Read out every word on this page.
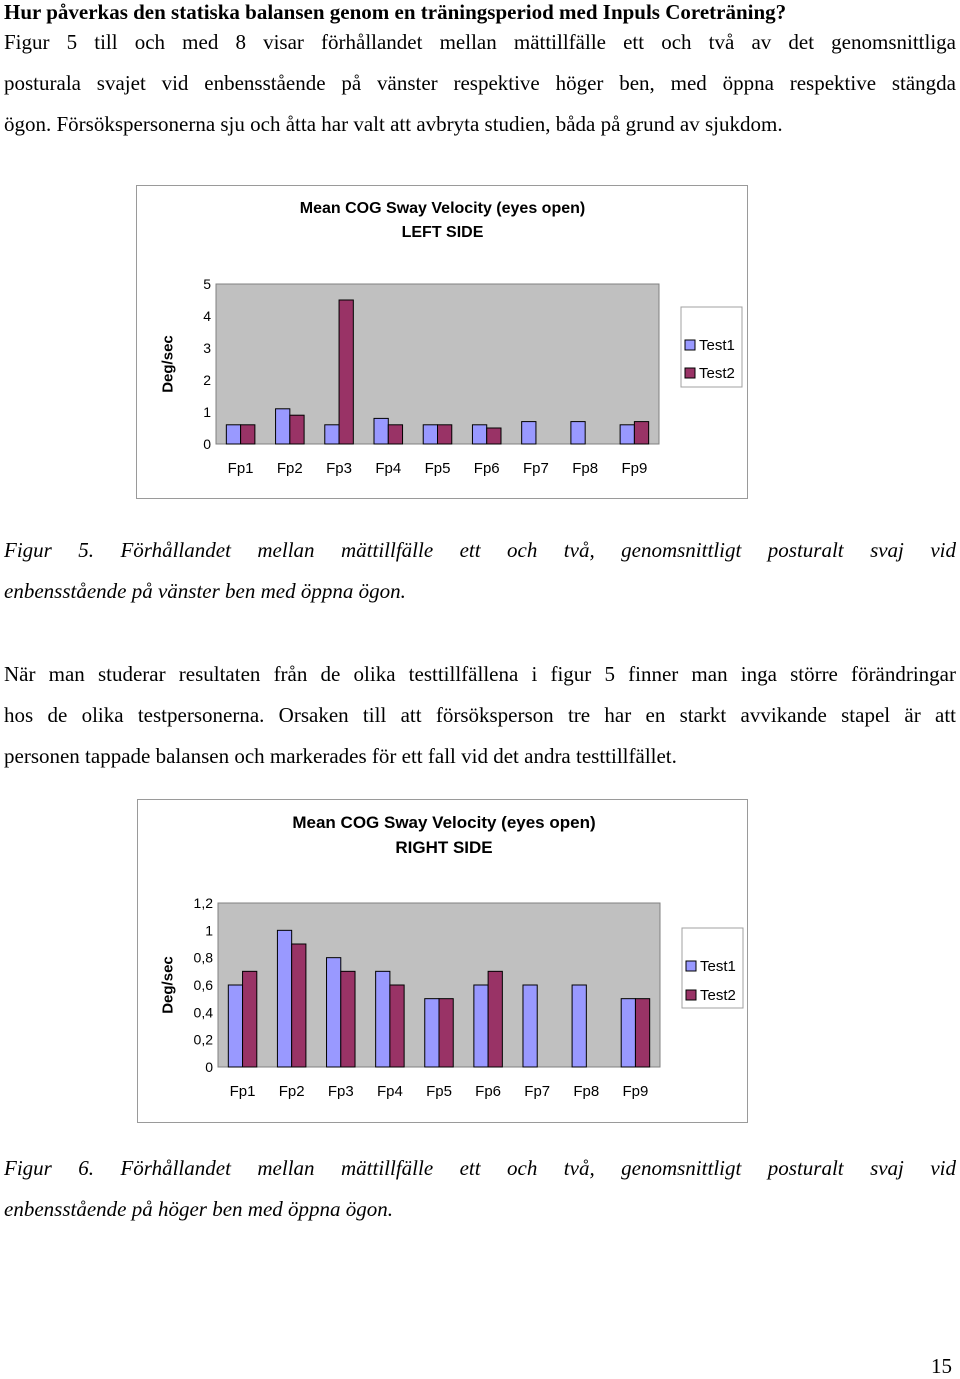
Hur påverkas den statiska balansen genom en träningsperiod med Inpuls Coreträning?
Figur 5 till och med 8 visar förhållandet mellan mättillfälle ett och två av det genomsnittliga
posturala svajet vid enbensstående på vänster respektive höger ben, med öppna respektive stängda
ögon. Försökspersonerna sju och åtta har valt att avbryta studien, båda på grund av sjukdom.
Mean COG Sway Velocity (eyes open)
LEFT SIDE
0
1
2
3
4
5
Deg/sec
Fp1 Fp2 Fp3 Fp4 Fp5 Fp6 Fp7 Fp8 Fp9
Test1
Test2
Figur 5. Förhållandet mellan mättillfälle ett och två, genomsnittligt posturalt svaj vid
enbensstående på vänster ben med öppna ögon.
När man studerar resultaten från de olika testtillfällena i figur 5 finner man inga större förändringar
hos de olika testpersonerna. Orsaken till att försöksperson tre har en starkt avvikande stapel är att
personen tappade balansen och markerades för ett fall vid det andra testtillfället.
Mean COG Sway Velocity (eyes open)
RIGHT SIDE
0
0,2
0,4
0,6
0,8
1
1,2
Deg/sec
Fp1 Fp2 Fp3 Fp4 Fp5 Fp6 Fp7 Fp8 Fp9
Test1
Test2
Figur 6. Förhållandet mellan mättillfälle ett och två, genomsnittligt posturalt svaj vid
enbensstående på höger ben med öppna ögon.
15
